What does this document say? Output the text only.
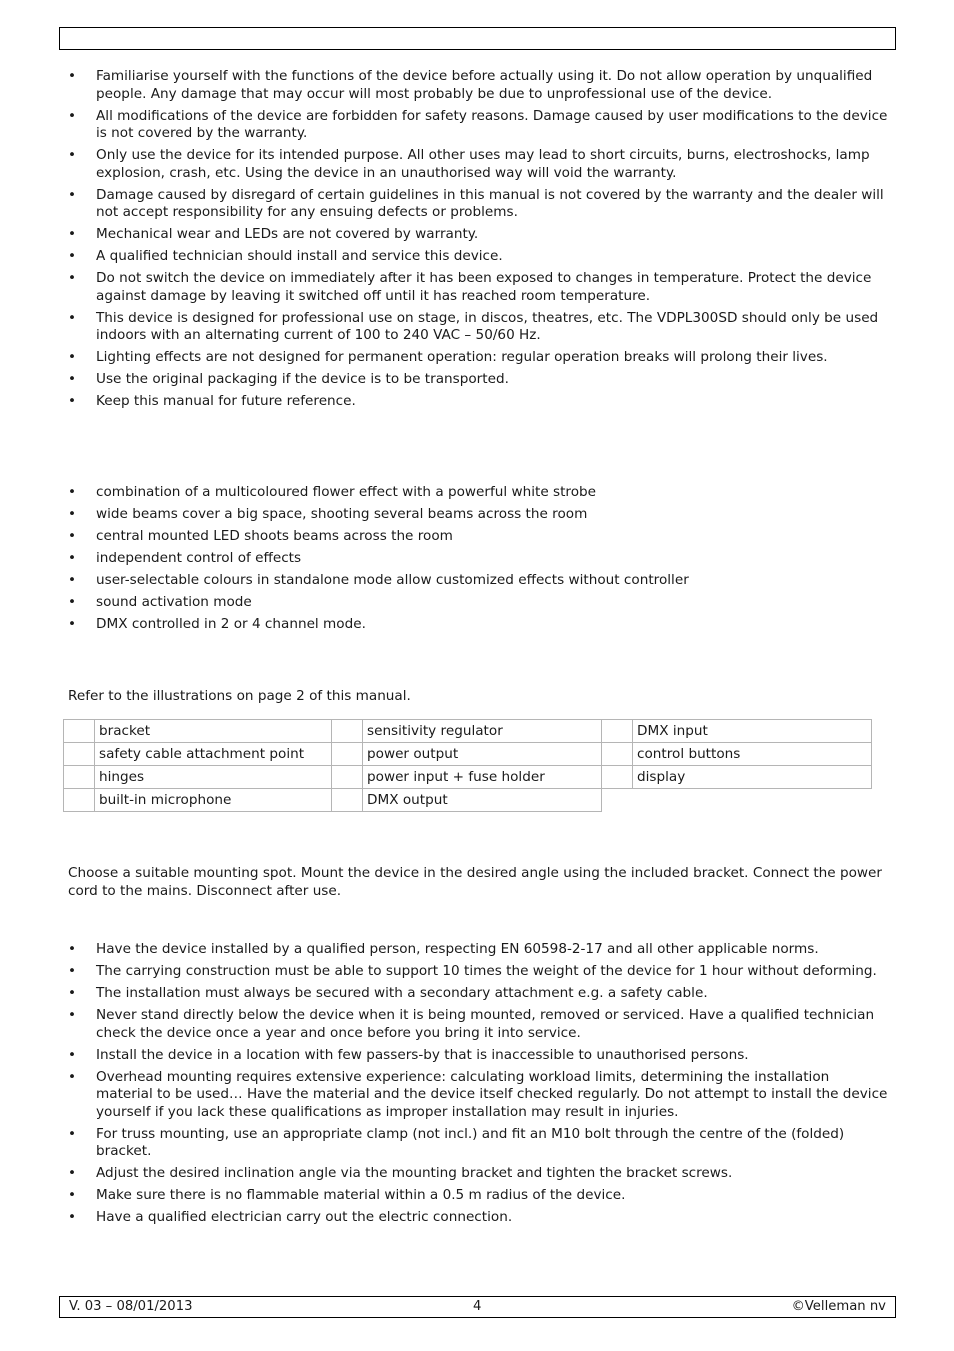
• Familiarise yourself with the functions of the device before actually using it. Do not allow operation by unqualified people. Any damage that may occur will most probably be due to unprofessional use of the device.
• All modifications of the device are forbidden for safety reasons. Damage caused by user modifications to the device is not covered by the warranty.
• Only use the device for its intended purpose. All other uses may lead to short circuits, burns, electroshocks, lamp explosion, crash, etc. Using the device in an unauthorised way will void the warranty.
• Damage caused by disregard of certain guidelines in this manual is not covered by the warranty and the dealer will not accept responsibility for any ensuing defects or problems.
• Mechanical wear and LEDs are not covered by warranty.
• A qualified technician should install and service this device.
• Do not switch the device on immediately after it has been exposed to changes in temperature. Protect the device against damage by leaving it switched off until it has reached room temperature.
• This device is designed for professional use on stage, in discos, theatres, etc. The VDPL300SD should only be used indoors with an alternating current of 100 to 240 VAC – 50/60 Hz.
• Lighting effects are not designed for permanent operation: regular operation breaks will prolong their lives.
• Use the original packaging if the device is to be transported.
• Keep this manual for future reference.
• combination of a multicoloured flower effect with a powerful white strobe
• wide beams cover a big space, shooting several beams across the room
• central mounted LED shoots beams across the room
• independent control of effects
• user-selectable colours in standalone mode allow customized effects without controller
• sound activation mode
• DMX controlled in 2 or 4 channel mode.

Refer to the illustrations on page 2 of this manual.

	bracket		sensitivity regulator		DMX input
	safety cable attachment point		power output		control buttons
	hinges		power input + fuse holder		display
	built-in microphone		DMX output		

Choose a suitable mounting spot. Mount the device in the desired angle using the included bracket. Connect the power cord to the mains. Disconnect after use.

• Have the device installed by a qualified person, respecting EN 60598-2-17 and all other applicable norms.
• The carrying construction must be able to support 10 times the weight of the device for 1 hour without deforming.
• The installation must always be secured with a secondary attachment e.g. a safety cable.
• Never stand directly below the device when it is being mounted, removed or serviced. Have a qualified technician check the device once a year and once before you bring it into service.
• Install the device in a location with few passers-by that is inaccessible to unauthorised persons.
• Overhead mounting requires extensive experience: calculating workload limits, determining the installation material to be used… Have the material and the device itself checked regularly. Do not attempt to install the device yourself if you lack these qualifications as improper installation may result in injuries.
• For truss mounting, use an appropriate clamp (not incl.) and fit an M10 bolt through the centre of the (folded) bracket.
• Adjust the desired inclination angle via the mounting bracket and tighten the bracket screws.
• Make sure there is no flammable material within a 0.5 m radius of the device.
• Have a qualified electrician carry out the electric connection.
V. 03 – 08/01/2013	4	©Velleman nv
